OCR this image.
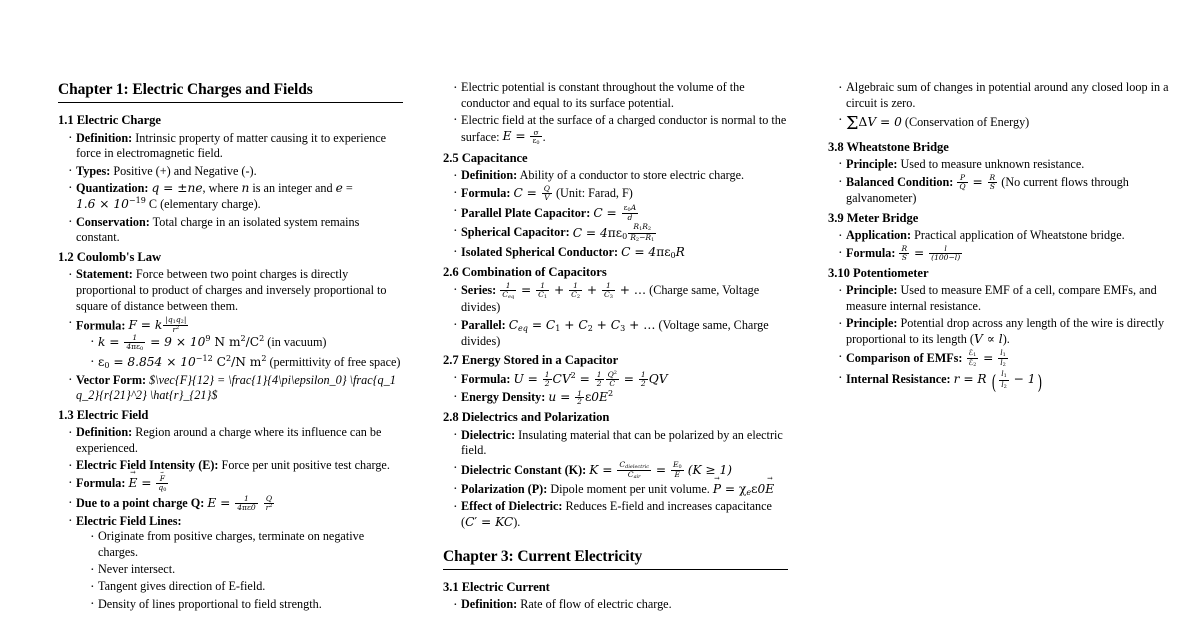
Chapter 1: Electric Charges and Fields
1.1 Electric Charge
· Definition: Intrinsic property of matter causing it to experience force in electromagnetic field.
· Types: Positive (+) and Negative (-).
· Quantization: q = ±ne, where n is an integer and $e = 1.6 \times 10^{-19}$ C (elementary charge).
· Conservation: Total charge in an isolated system remains constant.
1.2 Coulomb's Law
· Statement: Force between two point charges is directly proportional to product of charges and inversely proportional to square of distance between them.
· Formula: F = k $\frac{|q_1q_2|}{r^2}$
· $k = \frac{1}{4\pi\varepsilon_0} = 9 \times 10^9$ N $m^2/C^2$ (in vacuum)
· $\varepsilon_0 = 8.854 \times 10^{-12}$ $C^2/N$ $m^2$ (permittivity of free space)
· Vector Form: $\vec{F}{12} = \frac{1}{4\pi\epsilon_0} \frac{q_1 q_2}{r{21}^2} \hat{r}_{21}$
1.3 Electric Field
· Definition: Region around a charge where its influence can be experienced.
· Electric Field Intensity (E): Force per unit positive test charge.
· Formula: E → = $\frac{F \to}{q_0}$
· Due to a point charge Q: $E = \frac{1}{4\pi\varepsilon 0}$
$\frac{Q}{r^2}$
· Electric Field Lines:
· Originate from positive charges, terminate on negative charges.
· Never intersect.
· Tangent gives direction of E-field.
· Density of lines proportional to field strength.
· Electric potential is constant throughout the volume of the conductor and equal to its surface potential.
· Electric field at the surface of a charged conductor is normal to the surface: $E = \frac{\sigma}{\varepsilon_0}$ .
2.5 Capacitance
· Definition: Ability of a conductor to store electric charge.
· Formula: $C = \frac{Q}{V}$ (Unit: Farad, F)
· Parallel Plate Capacitor: $C = \frac{\varepsilon_0A}{d}$
· Spherical Capacitor: $C = 4\pi\varepsilon_0 \frac{R_1R_2}{R_2-R_1}$
· Isolated Spherical Conductor: $C = 4\pi\varepsilon_0R$
2.6 Combination of Capacitors
· Series: $\frac{1}{C_{eq}} = \frac{1}{C_1} + \frac{1}{C_2} + \frac{1}{C_3}$ + … (Charge same, Voltage divides)
· Parallel: $C_{eq} = C_1 + C_2 + C_3$ + … (Voltage same, Charge divides)
2.7 Energy Stored in a Capacitor
· Formula: $U = \frac{1}{2} CV^2 = \frac{1}{2} \frac{Q^2}{C} = \frac{1}{2}$ QV
· Energy Density: $u = \frac{1}{2} \varepsilon 0E^2$
2.8 Dielectrics and Polarization
· Dielectric: Insulating material that can be polarized by an electric field.
· Dielectric Constant (K): $K = \frac{C_{dielectric}}{C_{air}} = \frac{E_0}{E} (K \ge 1)$
· Polarization (P): Dipole moment per unit volume. P → = $\chi_e\varepsilon 0E$ →
· Effect of Dielectric: Reduces E-field and increases capacitance (C′ = KC).
Chapter 3: Current Electricity
3.1 Electric Current
· Definition: Rate of flow of electric charge.
· Algebraic sum of changes in potential around any closed loop in a circuit is zero.
· ΣΔV = 0 (Conservation of Energy)
3.8 Wheatstone Bridge
· Principle: Used to measure unknown resistance.
· Balanced Condition: $\frac{P}{Q} = \frac{R}{S} (No$ current flows through galvanometer)
3.9 Meter Bridge
· Application: Practical application of Wheatstone bridge.
· Formula: $\frac{R}{S} = \frac{l}{(100-l)}$
3.10 Potentiometer
· Principle: Used to measure EMF of a cell, compare EMFs, and measure internal resistance.
· Principle: Potential drop across any length of the wire is directly proportional to its length (V ∝ l).
· Comparison of EMFs: $\frac{ℰ_1}{ℰ_2} = \frac{l_1}{l_2}$
· Internal Resistance: r = R ( $\frac{l_1}{l_2} - 1$)
